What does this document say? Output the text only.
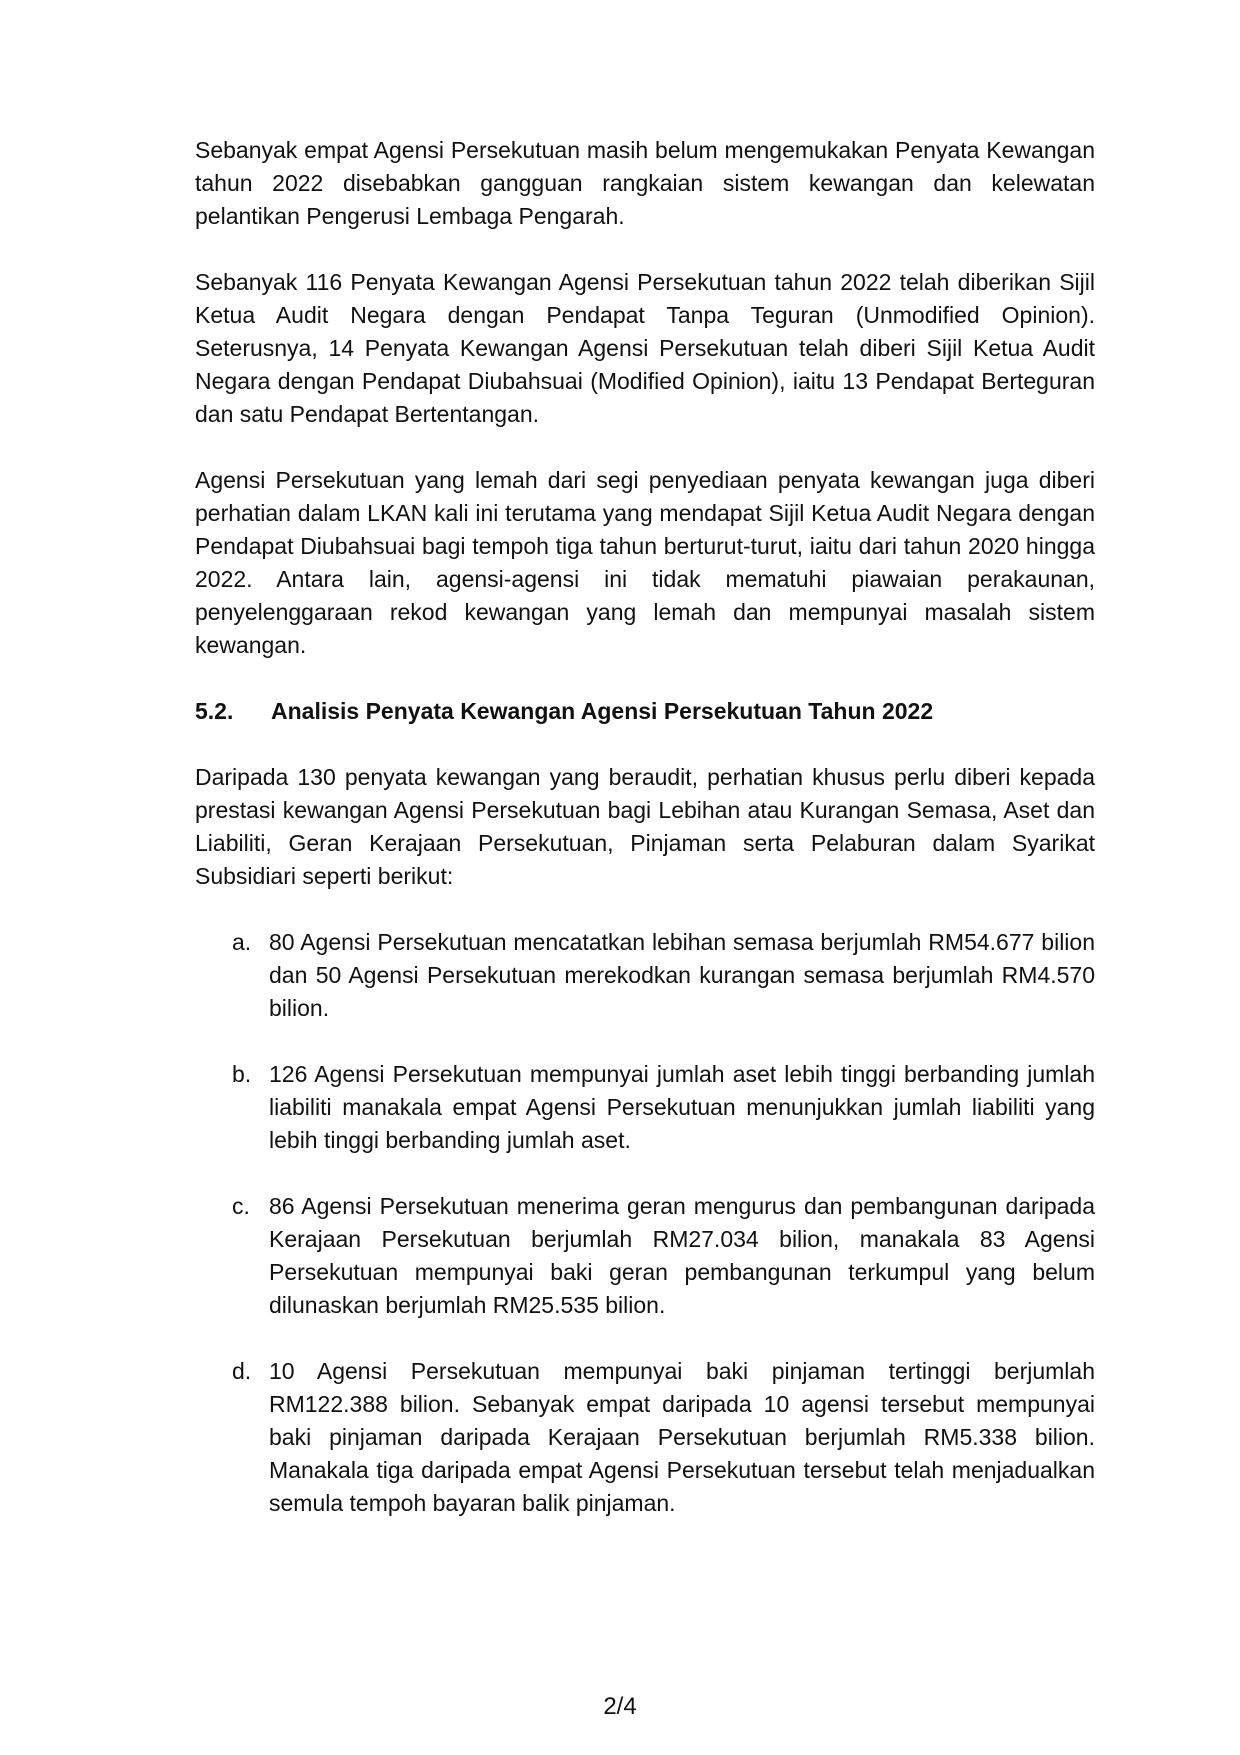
Sebanyak empat Agensi Persekutuan masih belum mengemukakan Penyata Kewangan tahun 2022 disebabkan gangguan rangkaian sistem kewangan dan kelewatan pelantikan Pengerusi Lembaga Pengarah.

Sebanyak 116 Penyata Kewangan Agensi Persekutuan tahun 2022 telah diberikan Sijil Ketua Audit Negara dengan Pendapat Tanpa Teguran (Unmodified Opinion). Seterusnya, 14 Penyata Kewangan Agensi Persekutuan telah diberi Sijil Ketua Audit Negara dengan Pendapat Diubahsuai (Modified Opinion), iaitu 13 Pendapat Berteguran dan satu Pendapat Bertentangan.

Agensi Persekutuan yang lemah dari segi penyediaan penyata kewangan juga diberi perhatian dalam LKAN kali ini terutama yang mendapat Sijil Ketua Audit Negara dengan Pendapat Diubahsuai bagi tempoh tiga tahun berturut-turut, iaitu dari tahun 2020 hingga 2022. Antara lain, agensi-agensi ini tidak mematuhi piawaian perakaunan, penyelenggaraan rekod kewangan yang lemah dan mempunyai masalah sistem kewangan.

5.2.	Analisis Penyata Kewangan Agensi Persekutuan Tahun 2022

Daripada 130 penyata kewangan yang beraudit, perhatian khusus perlu diberi kepada prestasi kewangan Agensi Persekutuan bagi Lebihan atau Kurangan Semasa, Aset dan Liabiliti, Geran Kerajaan Persekutuan, Pinjaman serta Pelaburan dalam Syarikat Subsidiari seperti berikut:

a. 80 Agensi Persekutuan mencatatkan lebihan semasa berjumlah RM54.677 bilion dan 50 Agensi Persekutuan merekodkan kurangan semasa berjumlah RM4.570 bilion.
b. 126 Agensi Persekutuan mempunyai jumlah aset lebih tinggi berbanding jumlah liabiliti manakala empat Agensi Persekutuan menunjukkan jumlah liabiliti yang lebih tinggi berbanding jumlah aset.
c. 86 Agensi Persekutuan menerima geran mengurus dan pembangunan daripada Kerajaan Persekutuan berjumlah RM27.034 bilion, manakala 83 Agensi Persekutuan mempunyai baki geran pembangunan terkumpul yang belum dilunaskan berjumlah RM25.535 bilion.
d. 10 Agensi Persekutuan mempunyai baki pinjaman tertinggi berjumlah RM122.388 bilion. Sebanyak empat daripada 10 agensi tersebut mempunyai baki pinjaman daripada Kerajaan Persekutuan berjumlah RM5.338 bilion. Manakala tiga daripada empat Agensi Persekutuan tersebut telah menjadualkan semula tempoh bayaran balik pinjaman.
2/4
